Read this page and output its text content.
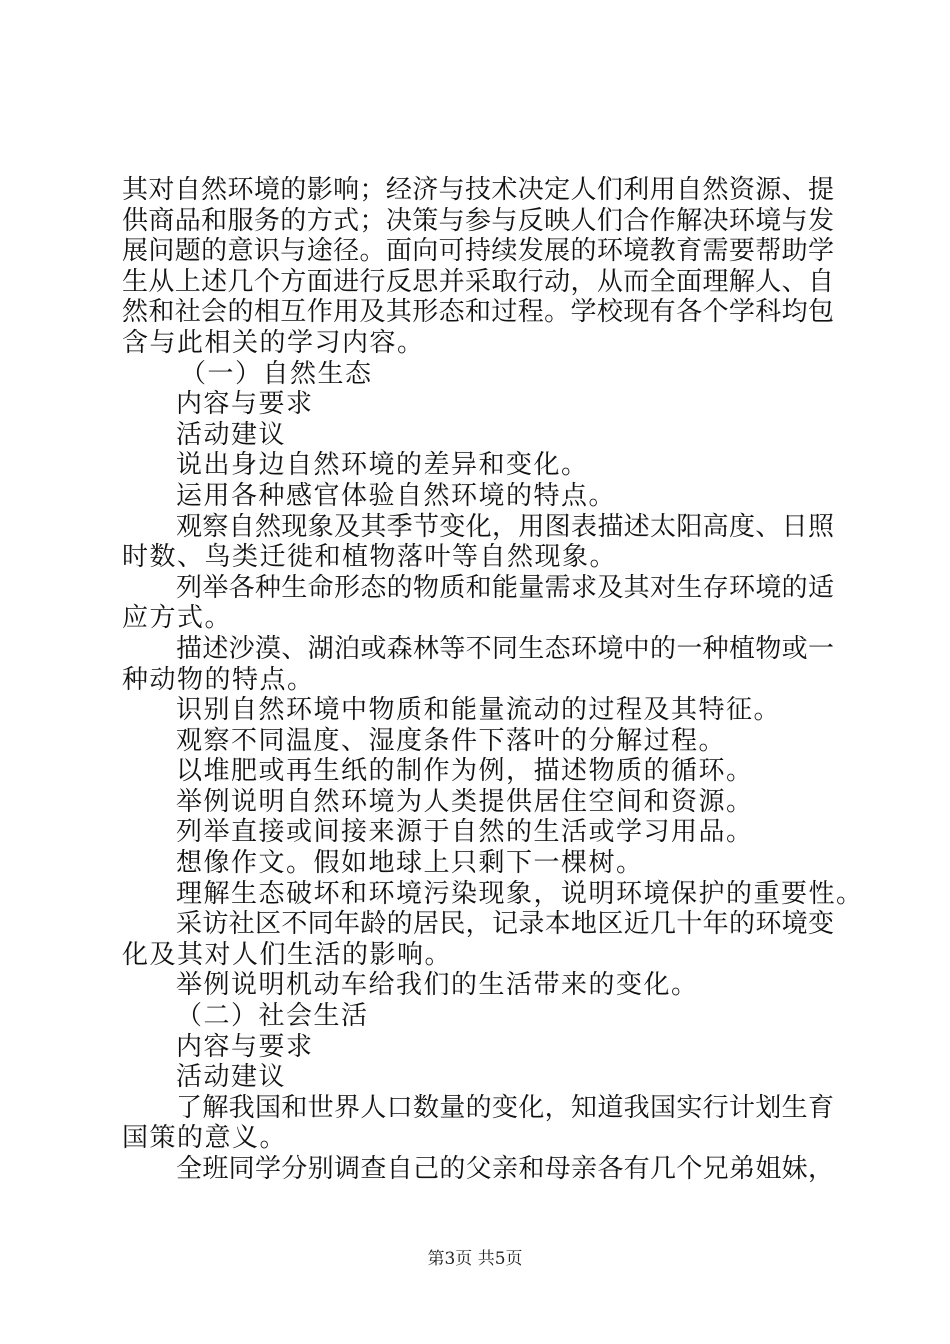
其对自然环境的影响；经济与技术决定人们利用自然资源、提
供商品和服务的方式；决策与参与反映人们合作解决环境与发
展问题的意识与途径。面向可持续发展的环境教育需要帮助学
生从上述几个方面进行反思并采取行动，从而全面理解人、自
然和社会的相互作用及其形态和过程。学校现有各个学科均包
含与此相关的学习内容。
（一）自然生态
内容与要求
活动建议
说出身边自然环境的差异和变化。
运用各种感官体验自然环境的特点。
观察自然现象及其季节变化，用图表描述太阳高度、日照
时数、鸟类迁徙和植物落叶等自然现象。
列举各种生命形态的物质和能量需求及其对生存环境的适
应方式。
描述沙漠、湖泊或森林等不同生态环境中的一种植物或一
种动物的特点。
识别自然环境中物质和能量流动的过程及其特征。
观察不同温度、湿度条件下落叶的分解过程。
以堆肥或再生纸的制作为例，描述物质的循环。
举例说明自然环境为人类提供居住空间和资源。
列举直接或间接来源于自然的生活或学习用品。
想像作文。假如地球上只剩下一棵树。
理解生态破坏和环境污染现象，说明环境保护的重要性。
采访社区不同年龄的居民，记录本地区近几十年的环境变
化及其对人们生活的影响。
举例说明机动车给我们的生活带来的变化。
（二）社会生活
内容与要求
活动建议
了解我国和世界人口数量的变化，知道我国实行计划生育
国策的意义。
全班同学分别调查自己的父亲和母亲各有几个兄弟姐妹，
第3页 共5页
